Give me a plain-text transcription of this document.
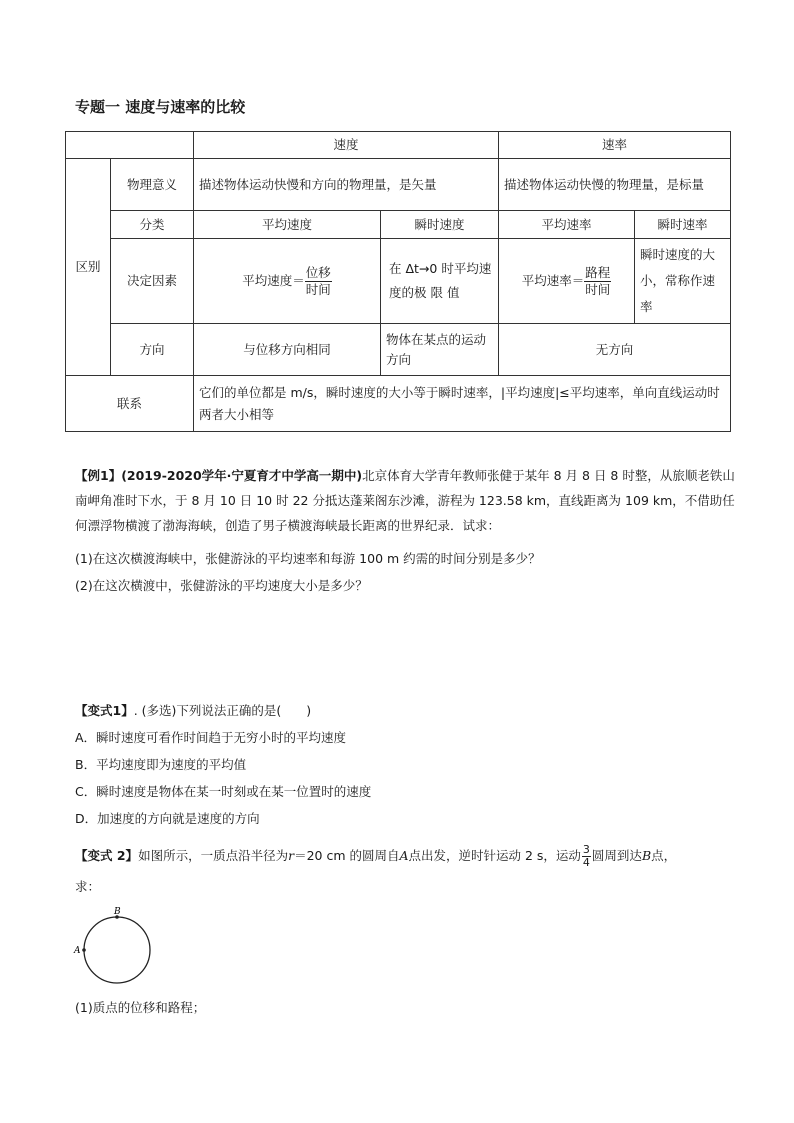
专题一 速度与速率的比较
		速度		速率	
区别	物理意义	描述物体运动快慢和方向的物理量，是矢量		描述物体运动快慢的物理量，是标量	
	分类	平均速度	瞬时速度	平均速率	瞬时速率
	决定因素	平均速度＝ $\frac{\text{位移}}{\text{时间}}$	在 Δt→0 时平均速度的极 限 值	平均速率＝ $\frac{\text{路程}}{\text{时间}}$	瞬时速度的大小，常称作速 率
	方向	与位移方向相同	物体在某点的运动方向	无方向	
联系		它们的单位都是 m/s，瞬时速度的大小等于瞬时速率，|平均速度|≤平均速率，单向直线运动时两者大小相等			
【例1】(2019-2020学年·宁夏育才中学高一期中)北京体育大学青年教师张健于某年 8 月 8 日 8 时整，从旅顺老铁山南岬角准时下水，于 8 月 10 日 10 时 22 分抵达蓬莱阁东沙滩，游程为 123.58 km，直线距离为 109 km，不借助任何漂浮物横渡了渤海海峡，创造了男子横渡海峡最长距离的世界纪录．试求：
(1)在这次横渡海峡中，张健游泳的平均速率和每游 100 m 约需的时间分别是多少？
(2)在这次横渡中，张健游泳的平均速度大小是多少？
【变式1】. (多选)下列说法正确的是(　　)
A．瞬时速度可看作时间趋于无穷小时的平均速度
B．平均速度即为速度的平均值
C．瞬时速度是物体在某一时刻或在某一位置时的速度
D．加速度的方向就是速度的方向
【变式 2】如图所示，一质点沿半径为r＝20 cm 的圆周自A点出发，逆时针运动 2 s，运动 $\frac{3}{4}$ 圆周到达B点，
求：
A
B
(1)质点的位移和路程；
